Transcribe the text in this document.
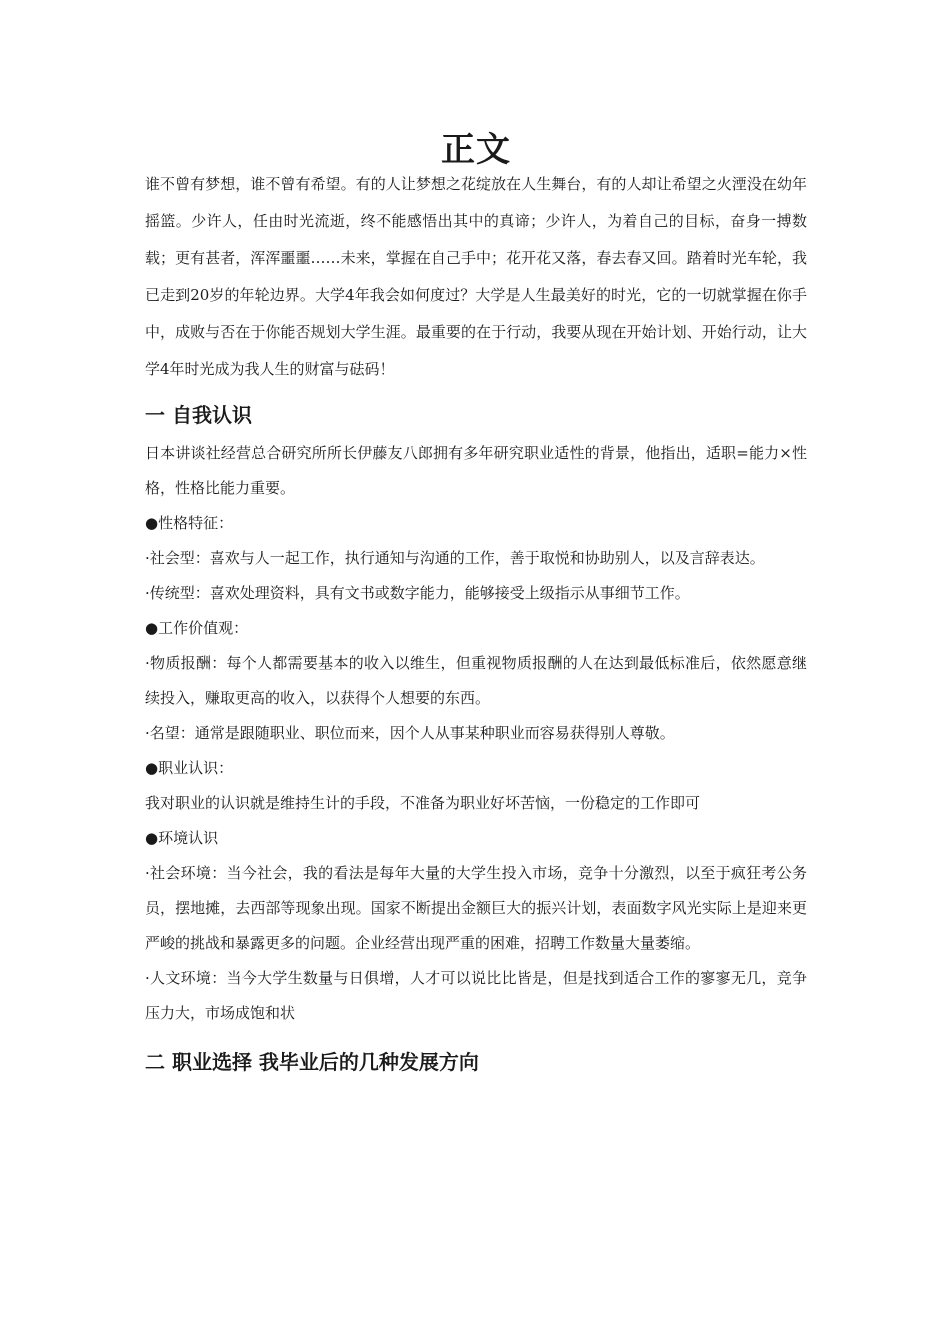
正文

谁不曾有梦想，谁不曾有希望。有的人让梦想之花绽放在人生舞台，有的人却让希望之火湮没在幼年摇篮。少许人，任由时光流逝，终不能感悟出其中的真谛；少许人，为着自己的目标，奋身一搏数载；更有甚者，浑浑噩噩……未来，掌握在自己手中；花开花又落，春去春又回。踏着时光车轮，我已走到20岁的年轮边界。大学4年我会如何度过？大学是人生最美好的时光，它的一切就掌握在你手中，成败与否在于你能否规划大学生涯。最重要的在于行动，我要从现在开始计划、开始行动，让大学4年时光成为我人生的财富与砝码！

一 自我认识

日本讲谈社经营总合研究所所长伊藤友八郎拥有多年研究职业适性的背景，他指出，适职=能力×性格，性格比能力重要。

●性格特征：

·社会型：喜欢与人一起工作，执行通知与沟通的工作，善于取悦和协助别人，以及言辞表达。

·传统型：喜欢处理资料，具有文书或数字能力，能够接受上级指示从事细节工作。

●工作价值观：

·物质报酬：每个人都需要基本的收入以维生，但重视物质报酬的人在达到最低标准后，依然愿意继续投入，赚取更高的收入，以获得个人想要的东西。

·名望：通常是跟随职业、职位而来，因个人从事某种职业而容易获得别人尊敬。

●职业认识：

我对职业的认识就是维持生计的手段，不准备为职业好坏苦恼，一份稳定的工作即可

●环境认识

·社会环境：当今社会，我的看法是每年大量的大学生投入市场，竞争十分激烈，以至于疯狂考公务员，摆地摊，去西部等现象出现。国家不断提出金额巨大的振兴计划，表面数字风光实际上是迎来更严峻的挑战和暴露更多的问题。企业经营出现严重的困难，招聘工作数量大量萎缩。

·人文环境：当今大学生数量与日俱增，人才可以说比比皆是，但是找到适合工作的寥寥无几，竞争压力大，市场成饱和状

二 职业选择 我毕业后的几种发展方向
